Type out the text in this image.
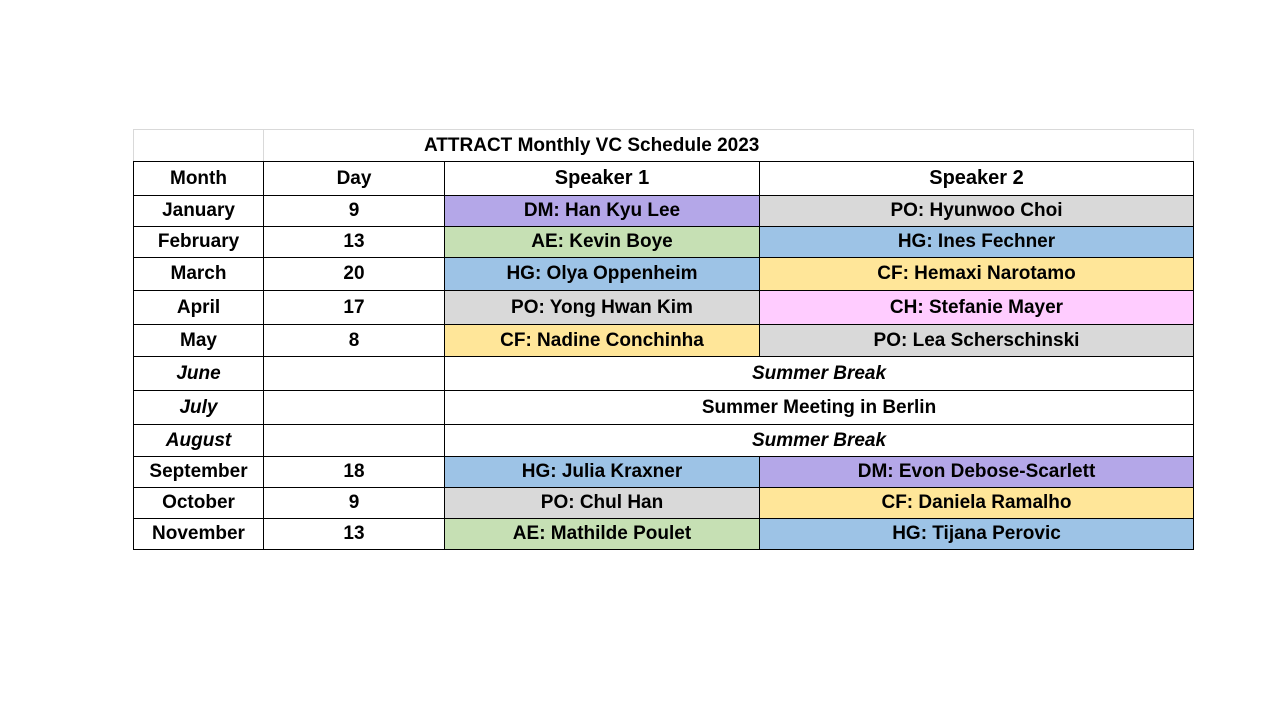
	ATTRACT Monthly VC Schedule 2023		
Month	Day	Speaker 1	Speaker 2
January	9	DM: Han Kyu Lee	PO: Hyunwoo Choi
February	13	AE: Kevin Boye	HG: Ines Fechner
March	20	HG: Olya Oppenheim	CF: Hemaxi Narotamo
April	17	PO: Yong Hwan Kim	CH: Stefanie Mayer
May	8	CF: Nadine Conchinha	PO: Lea Scherschinski
June		Summer Break	
July		Summer Meeting in Berlin	
August		Summer Break	
September	18	HG: Julia Kraxner	DM: Evon Debose-Scarlett
October	9	PO: Chul Han	CF: Daniela Ramalho
November	13	AE: Mathilde Poulet	HG: Tijana Perovic
